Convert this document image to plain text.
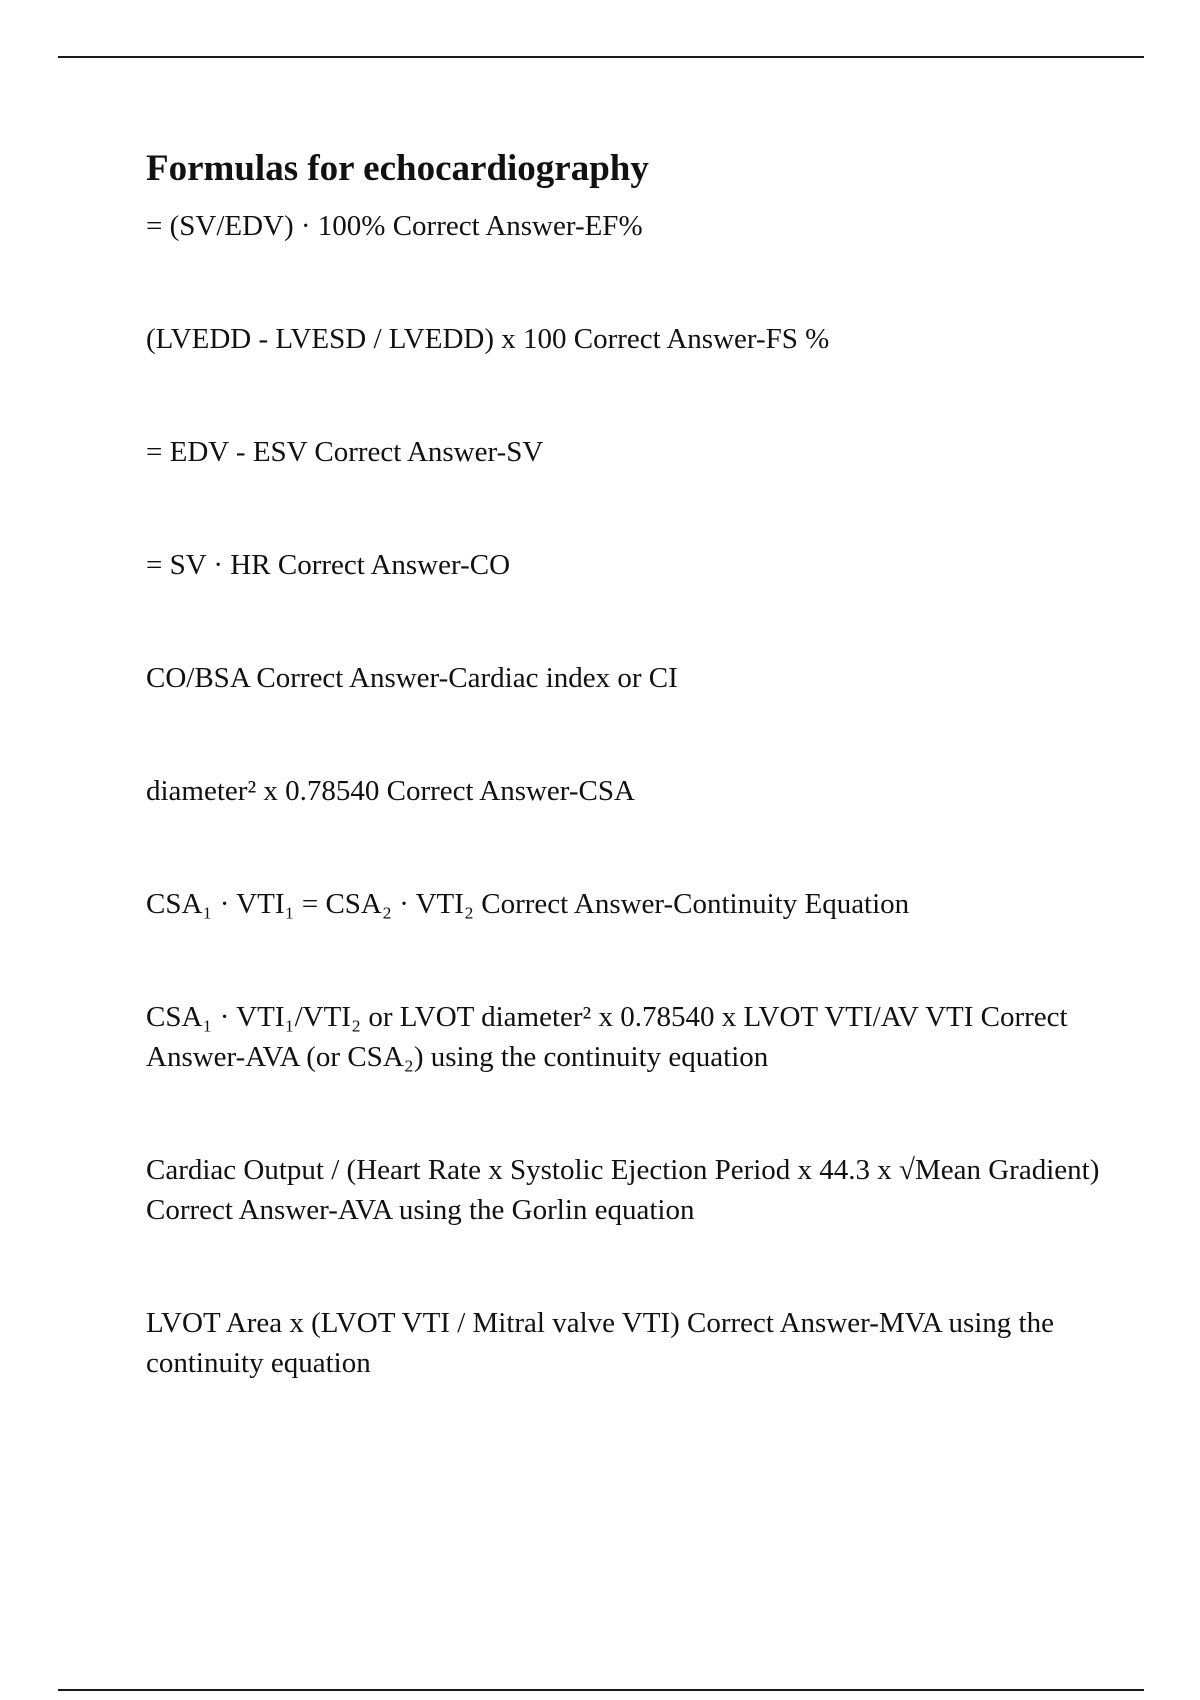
Formulas for echocardiography

= (SV/EDV) · 100% Correct Answer-EF%

(LVEDD - LVESD / LVEDD) x 100 Correct Answer-FS %

= EDV - ESV Correct Answer-SV

= SV · HR Correct Answer-CO

CO/BSA Correct Answer-Cardiac index or CI

diameter² x 0.78540 Correct Answer-CSA

CSA₁ · VTI₁ = CSA₂ · VTI₂ Correct Answer-Continuity Equation

CSA₁ · VTI₁/VTI₂ or LVOT diameter² x 0.78540 x LVOT VTI/AV VTI Correct Answer-AVA (or CSA₂) using the continuity equation

Cardiac Output / (Heart Rate x Systolic Ejection Period x 44.3 x √Mean Gradient) Correct Answer-AVA using the Gorlin equation

LVOT Area x (LVOT VTI / Mitral valve VTI) Correct Answer-MVA using the continuity equation
